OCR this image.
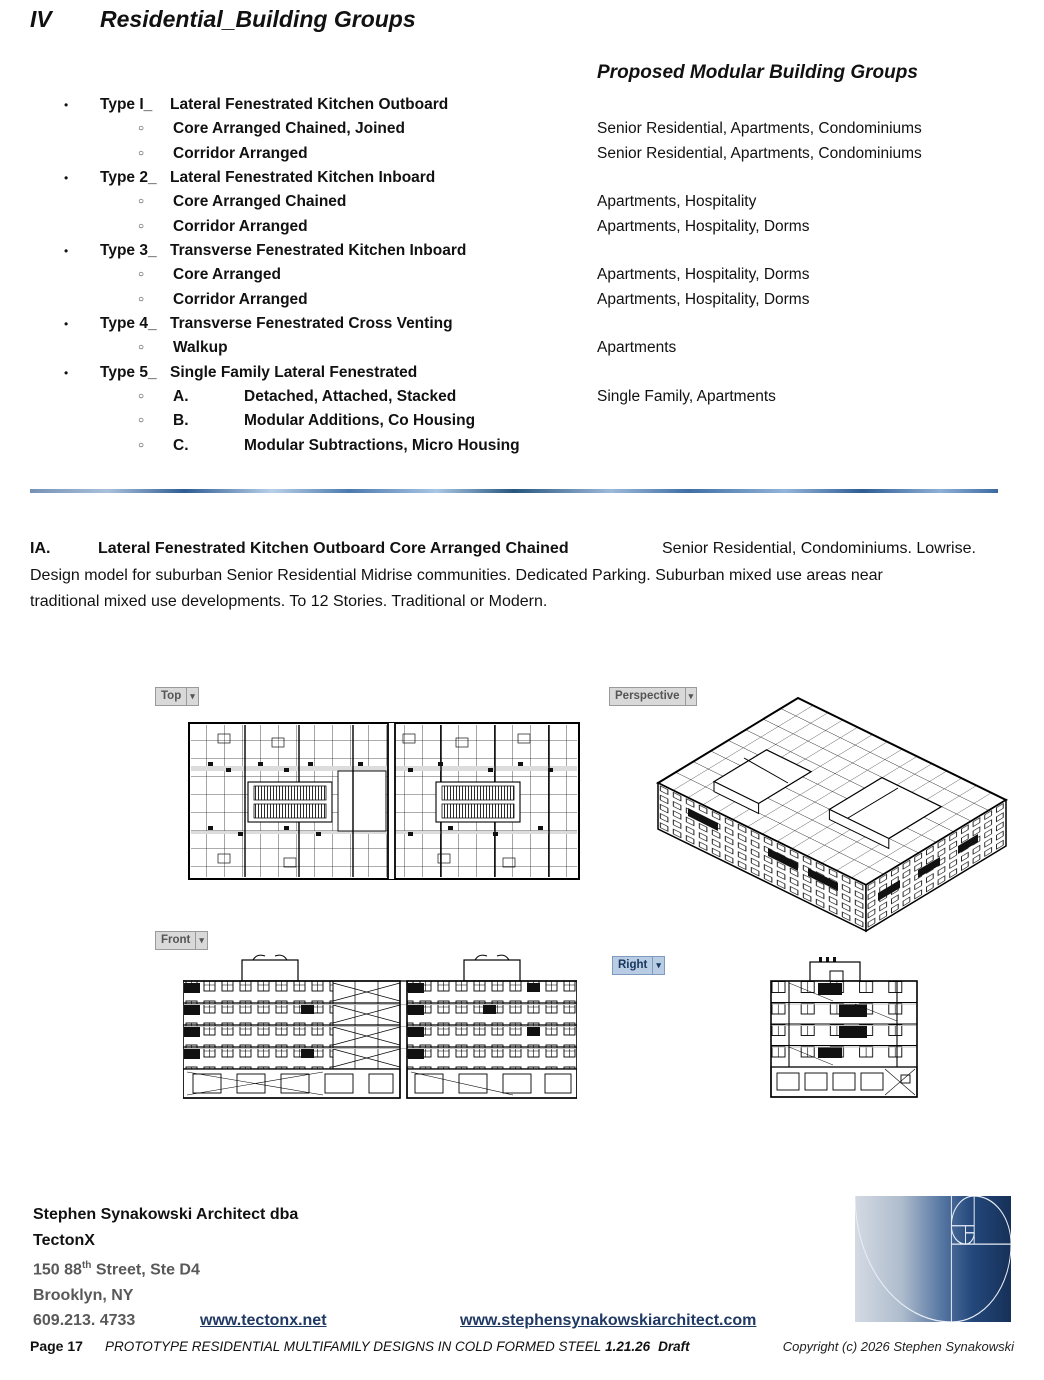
IV Residential_Building Groups
Proposed Modular Building Groups
• Type I_ Lateral Fenestrated Kitchen Outboard
○ Core Arranged Chained, Joined	Senior Residential, Apartments, Condominiums
○ Corridor Arranged	Senior Residential, Apartments, Condominiums
• Type 2_ Lateral Fenestrated Kitchen Inboard
○ Core Arranged Chained	Apartments, Hospitality
○ Corridor Arranged	Apartments, Hospitality, Dorms
• Type 3_ Transverse Fenestrated Kitchen Inboard
○ Core Arranged	Apartments, Hospitality, Dorms
○ Corridor Arranged	Apartments, Hospitality, Dorms
• Type 4_ Transverse Fenestrated Cross Venting
○ Walkup	Apartments
• Type 5_ Single Family Lateral Fenestrated
○ A.	Detached, Attached, Stacked	Single Family, Apartments
○ B.	Modular Additions, Co Housing
○ C.	Modular Subtractions, Micro Housing
IA.	Lateral Fenestrated Kitchen Outboard Core Arranged Chained	Senior Residential, Condominiums. Lowrise.
Design model for suburban Senior Residential Midrise communities. Dedicated Parking. Suburban mixed use areas near
traditional mixed use developments. To 12 Stories. Traditional or Modern.
Top	▾	Perspective	▾
Front	▾
Right	▾
Stephen Synakowski Architect dba
TectonX
150 88th Street, Ste D4
Brooklyn, NY
609.213. 4733	www.tectonx.net	www.stephensynakowskiarchitect.com
Page 17 PROTOTYPE RESIDENTIAL MULTIFAMILY DESIGNS IN COLD FORMED STEEL 1.21.26 Draft	Copyright (c) 2026 Stephen Synakowski
